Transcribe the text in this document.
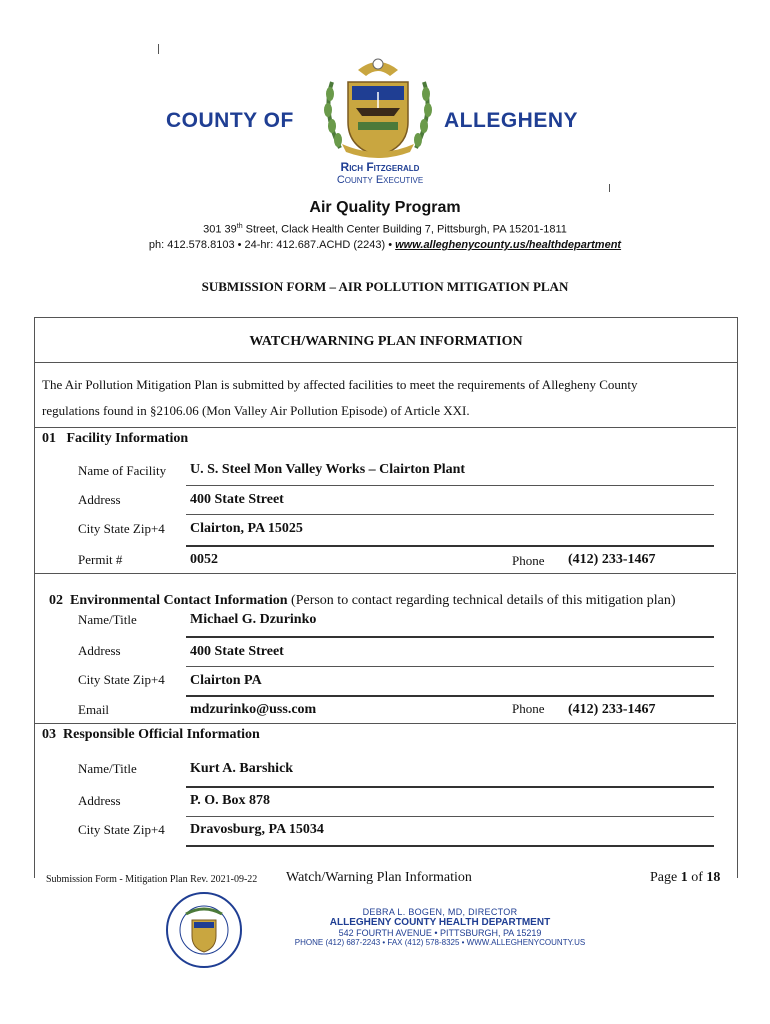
COUNTY OF	ALLEGHENY
Rich Fitzgerald
County Executive
Air Quality Program
301 39th Street, Clack Health Center Building 7, Pittsburgh, PA 15201-1811
ph: 412.578.8103 • 24-hr: 412.687.ACHD (2243) • www.alleghenycounty.us/healthdepartment
SUBMISSION FORM – AIR POLLUTION MITIGATION PLAN
WATCH/WARNING PLAN INFORMATION
The Air Pollution Mitigation Plan is submitted by affected facilities to meet the requirements of Allegheny County
regulations found in §2106.06 (Mon Valley Air Pollution Episode) of Article XXI.
01   Facility Information
Name of Facility U. S. Steel Mon Valley Works – Clairton Plant
Address	400 State Street
City State Zip+4 Clairton, PA 15025
Permit #	0052	Phone (412) 233-1467

02  Environmental Contact Information (Person to contact regarding technical details of this mitigation plan)

Name/Title	Michael G. Dzurinko
Address	400 State Street
City State Zip+4 Clairton PA
Email	mdzurinko@uss.com	Phone (412) 233-1467
03  Responsible Official Information
Name/Title	Kurt A. Barshick
Address	P. O. Box 878
City State Zip+4 Dravosburg, PA 15034
Submission Form - Mitigation Plan Rev. 2021-09-22 Watch/Warning Plan Information	Page 1 of 18
DEBRA L. BOGEN, MD, DIRECTOR
ALLEGHENY COUNTY HEALTH DEPARTMENT
542 FOURTH AVENUE • PITTSBURGH, PA 15219
PHONE (412) 687-2243 • FAX (412) 578-8325 • WWW.ALLEGHENYCOUNTY.US
